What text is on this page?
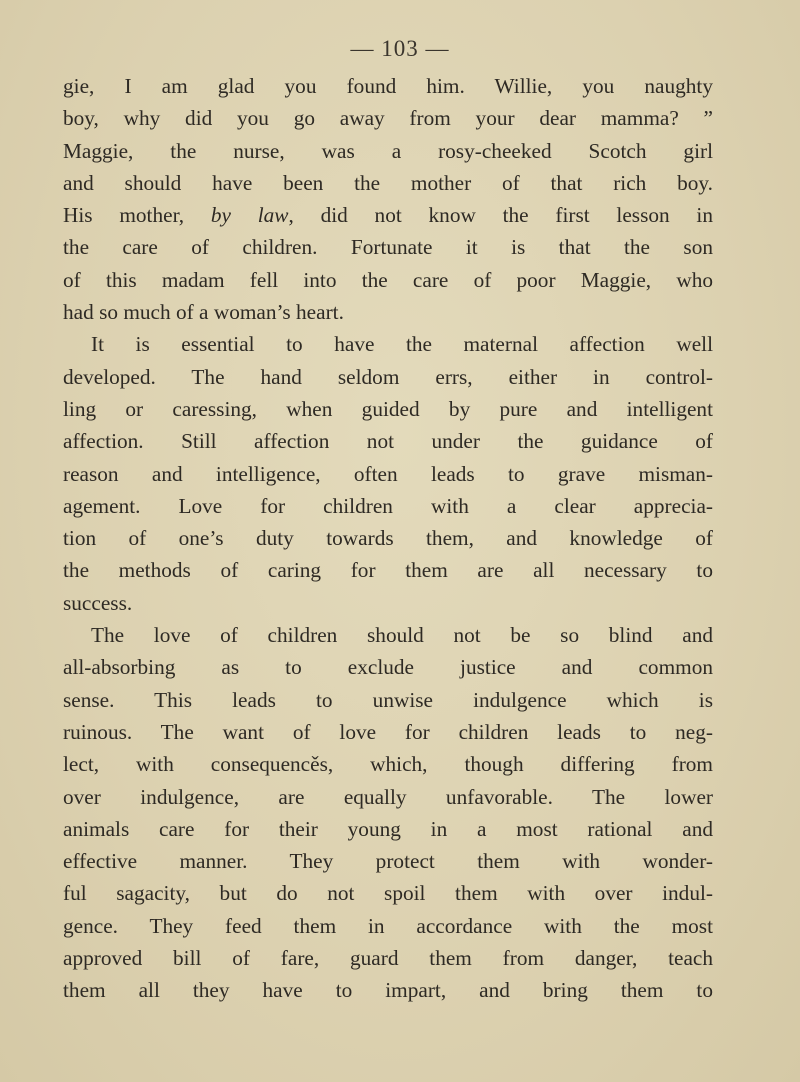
— 103 —
gie, I am glad you found him. Willie, you naughty
boy, why did you go away from your dear mamma? ”
Maggie, the nurse, was a rosy-cheeked Scotch girl
and should have been the mother of that rich boy.
His mother, by law, did not know the first lesson in
the care of children. Fortunate it is that the son
of this madam fell into the care of poor Maggie, who
had so much of a woman’s heart.
It is essential to have the maternal affection well
developed. The hand seldom errs, either in control-
ling or caressing, when guided by pure and intelligent
affection. Still affection not under the guidance of
reason and intelligence, often leads to grave misman-
agement. Love for children with a clear apprecia-
tion of one’s duty towards them, and knowledge of
the methods of caring for them are all necessary to
success.
The love of children should not be so blind and
all-absorbing as to exclude justice and common
sense. This leads to unwise indulgence which is
ruinous. The want of love for children leads to neg-
lect, with consequencěs, which, though differing from
over indulgence, are equally unfavorable. The lower
animals care for their young in a most rational and
effective manner. They protect them with wonder-
ful sagacity, but do not spoil them with over indul-
gence. They feed them in accordance with the most
approved bill of fare, guard them from danger, teach
them all they have to impart, and bring them to
